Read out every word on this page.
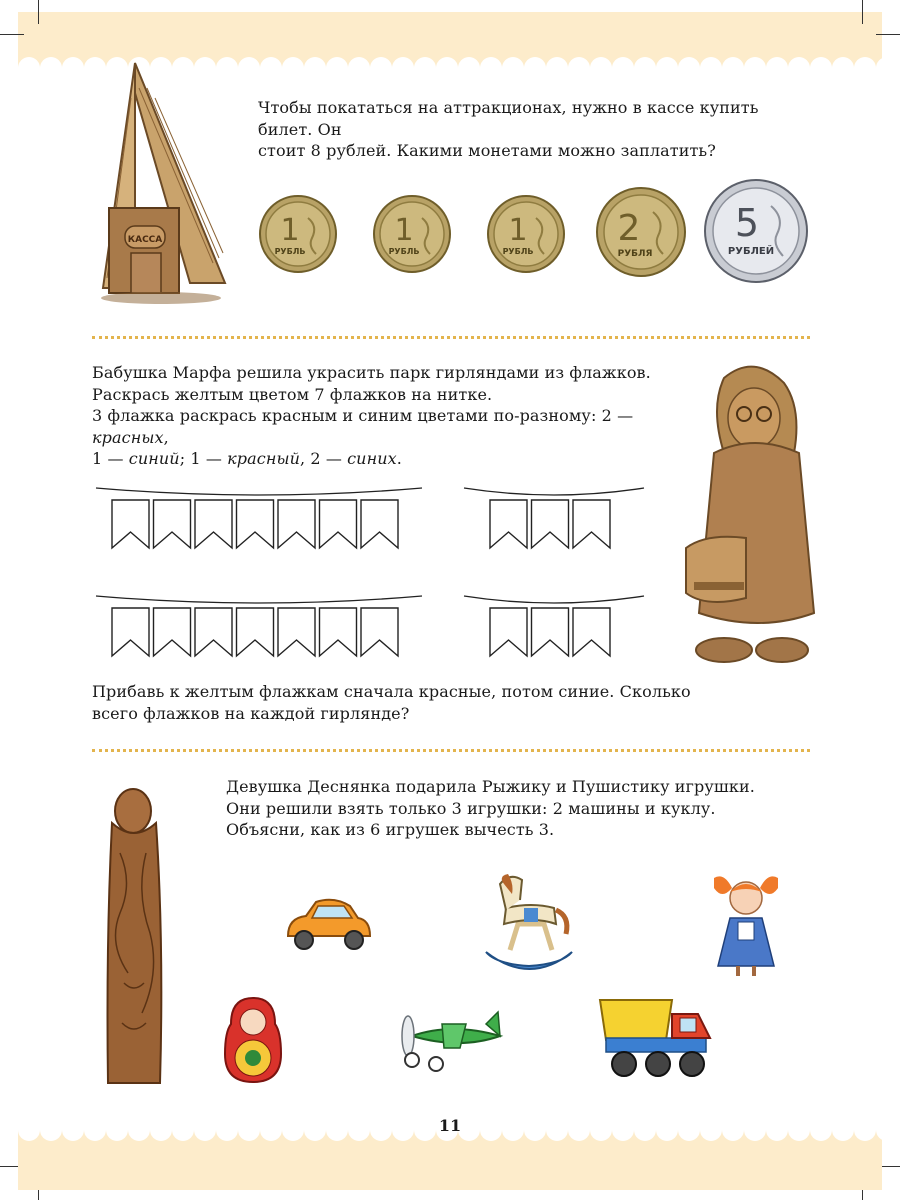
КАССА

Чтобы покататься на аттракционах, нужно в кассе купить билет. Он

стоит 8 рублей. Какими монетами можно заплатить?

1
РУБЛЬ
1
РУБЛЬ
1
РУБЛЬ
2
РУБЛЯ
5
РУБЛЕЙ

Бабушка Марфа решила украсить парк гирляндами из флажков.

Раскрась желтым цветом 7 флажков на нитке.

3 флажка раскрась красным и синим цветами по-разному: 2 — красных,

1 — синий; 1 — красный, 2 — синих.

Прибавь к желтым флажкам сначала красные, потом синие. Сколько

всего флажков на каждой гирлянде?

Девушка Деснянка подарила Рыжику и Пушистику игрушки.

Они решили взять только 3 игрушки: 2 машины и куклу.

Объясни, как из 6 игрушек вычесть 3.

11
